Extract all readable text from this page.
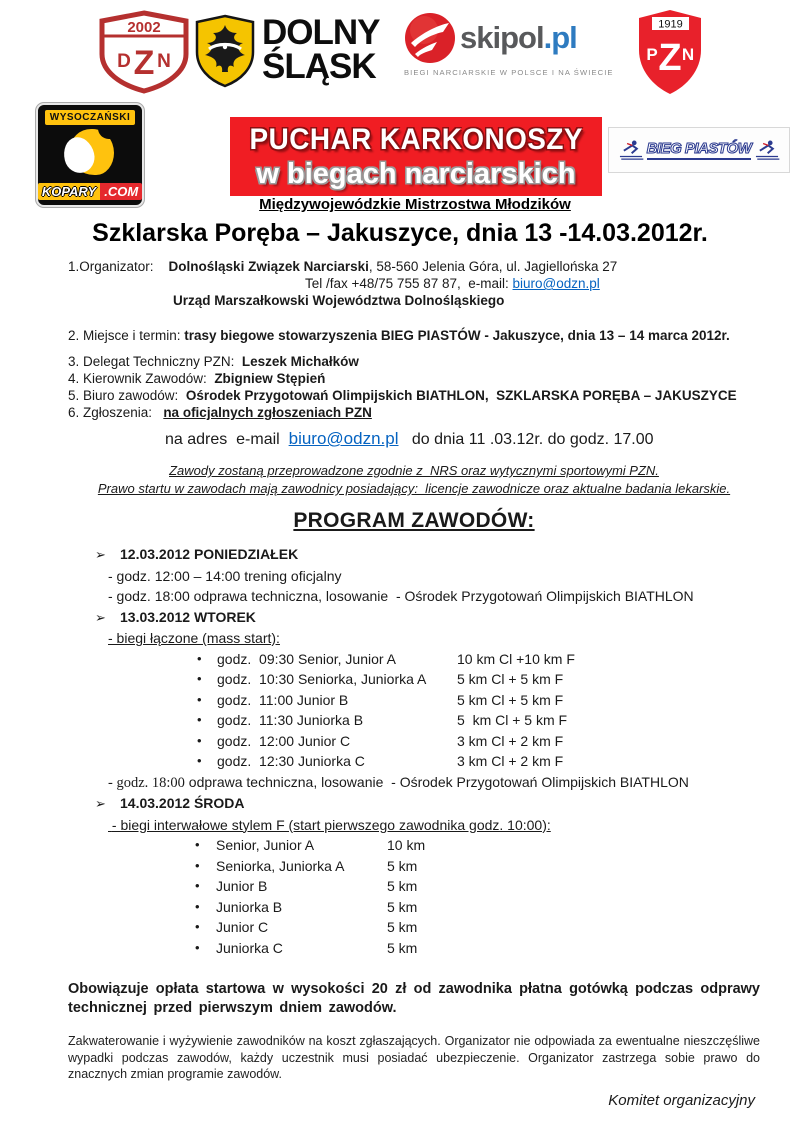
2002
D Z N
DOLNY
ŚLĄSK
skipol .pl
BIEGI NARCIARSKIE W POLSCE I NA ŚWIECIE
1919
P Z N
WYSOCZAŃSKI
KOPARY .COM
PUCHAR KARKONOSZY
w biegach narciarskich
BIEG PIASTÓW
Międzywojewódzkie Mistrzostwa Młodzików
Szklarska Poręba – Jakuszyce, dnia 13 -14.03.2012r.
1.Organizator:    Dolnośląski Związek Narciarski, 58-560 Jelenia Góra, ul. Jagiellońska 27
Tel /fax +48/75 755 87 87,  e-mail: biuro@odzn.pl
Urząd Marszałkowski Województwa Dolnośląskiego
2. Miejsce i termin: trasy biegowe stowarzyszenia BIEG PIASTÓW - Jakuszyce, dnia 13 – 14 marca 2012r.
3. Delegat Techniczny PZN:  Leszek Michałków
4. Kierownik Zawodów:  Zbigniew Stępień
5. Biuro zawodów:  Ośrodek Przygotowań Olimpijskich BIATHLON,  SZKLARSKA PORĘBA – JAKUSZYCE
6. Zgłoszenia:   na oficjalnych zgłoszeniach PZN
na adres  e-mail  biuro@odzn.pl   do dnia 11 .03.12r. do godz. 17.00
Zawody zostaną przeprowadzone zgodnie z  NRS oraz wytycznymi sportowymi PZN.
Prawo startu w zawodach mają zawodnicy posiadający:  licencje zawodnicze oraz aktualne badania lekarskie.
PROGRAM ZAWODÓW:
➢ 12.03.2012 PONIEDZIAŁEK
- godz. 12:00 – 14:00 trening oficjalny
- godz. 18:00 odprawa techniczna, losowanie  - Ośrodek Przygotowań Olimpijskich BIATHLON
➢ 13.03.2012 WTOREK
- biegi łączone (mass start):
•	godz.  09:30 Senior, Junior A	10 km Cl +10 km F
•	godz.  10:30 Seniorka, Juniorka A	5 km Cl + 5 km F
•	godz.  11:00 Junior B	5 km Cl + 5 km F
•	godz.  11:30 Juniorka B	5  km Cl + 5 km F
•	godz.  12:00 Junior C	3 km Cl + 2 km F
•	godz.  12:30 Juniorka C	3 km Cl + 2 km F
- godz. 18:00 odprawa techniczna, losowanie  - Ośrodek Przygotowań Olimpijskich BIATHLON
➢ 14.03.2012 ŚRODA
- biegi interwałowe stylem F (start pierwszego zawodnika godz. 10:00):
•	Senior, Junior A	10 km
•	Seniorka, Juniorka A	5 km
•	Junior B	5 km
•	Juniorka B	5 km
•	Junior C	5 km
•	Juniorka C	5 km
Obowiązuje opłata startowa w wysokości 20 zł od zawodnika płatna gotówką podczas odprawy technicznej przed pierwszym dniem zawodów.
Zakwaterowanie i wyżywienie zawodników na koszt zgłaszających. Organizator nie odpowiada za ewentualne nieszczęśliwe wypadki podczas zawodów, każdy uczestnik musi posiadać ubezpieczenie. Organizator zastrzega sobie prawo do znacznych zmian programie zawodów.
Komitet organizacyjny
